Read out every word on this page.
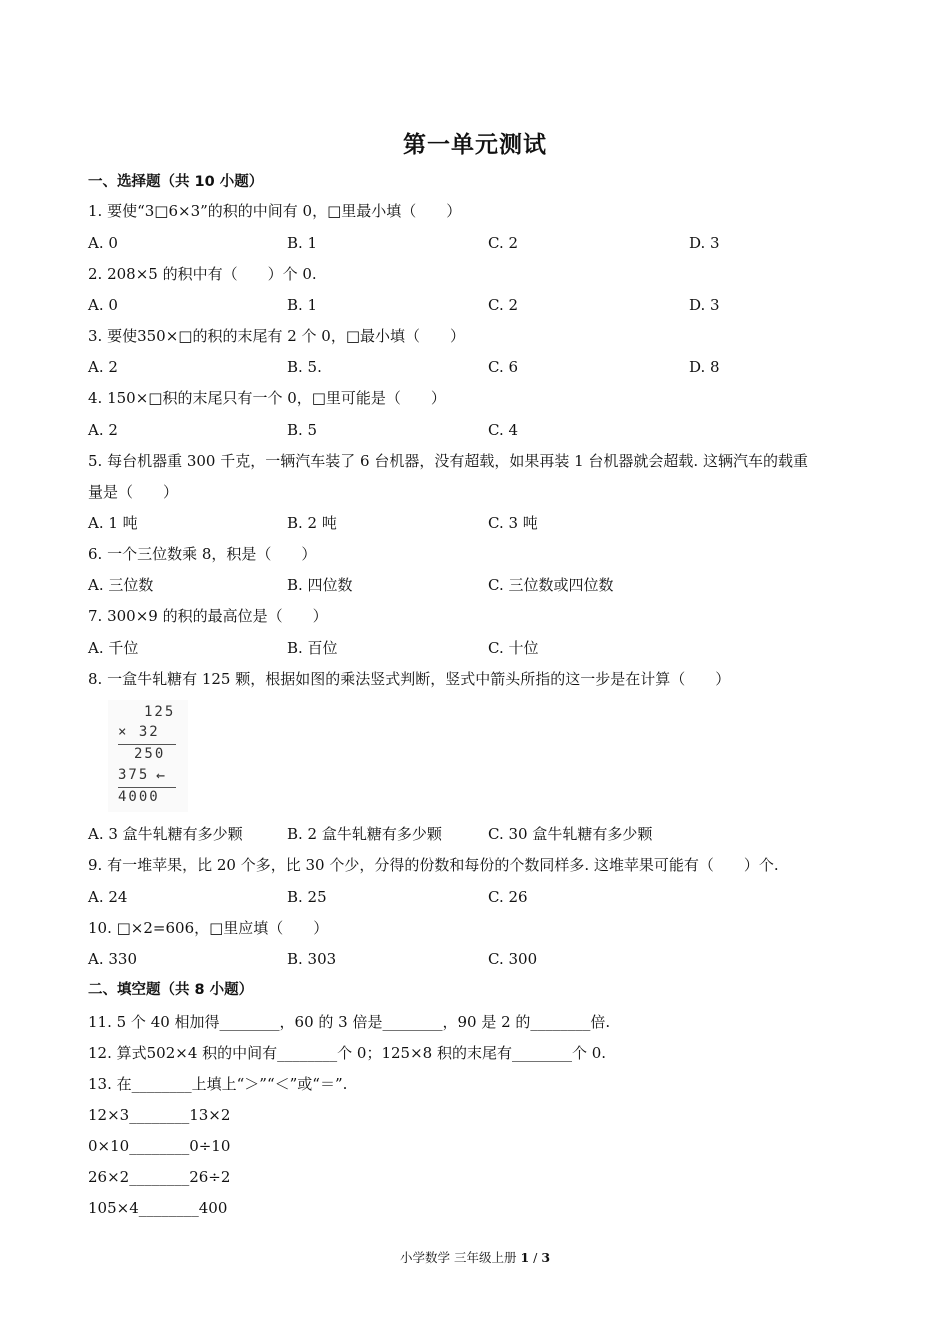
第一单元测试
一、选择题（共 10 小题）
1. 要使“3□6×3”的积的中间有 0，□里最小填（　　）
A. 0	B. 1	C. 2	D. 3
2. 208×5 的积中有（　　）个 0.
A. 0	B. 1	C. 2	D. 3
3. 要使350×□的积的末尾有 2 个 0，□最小填（　　）
A. 2	B. 5.	C. 6	D. 8
4. 150×□积的末尾只有一个 0，□里可能是（　　）
A. 2	B. 5	C. 4
5. 每台机器重 300 千克，一辆汽车装了 6 台机器，没有超载，如果再装 1 台机器就会超载. 这辆汽车的载重
量是（　　）
A. 1 吨	B. 2 吨	C. 3 吨
6. 一个三位数乘 8，积是（　　）
A. 三位数	B. 四位数	C. 三位数或四位数
7. 300×9 的积的最高位是（　　）
A. 千位	B. 百位	C. 十位
8. 一盒牛轧糖有 125 颗，根据如图的乘法竖式判断，竖式中箭头所指的这一步是在计算（　　）
125
× 32
250
375 ←
4000
A. 3 盒牛轧糖有多少颗	B. 2 盒牛轧糖有多少颗	C. 30 盒牛轧糖有多少颗
9. 有一堆苹果，比 20 个多，比 30 个少，分得的份数和每份的个数同样多. 这堆苹果可能有（　　）个.
A. 24	B. 25	C. 26
10. □×2=606，□里应填（　　）
A. 330	B. 303	C. 300
二、填空题（共 8 小题）
11. 5 个 40 相加得________，60 的 3 倍是________，90 是 2 的________倍.
12. 算式502×4 积的中间有________个 0；125×8 积的末尾有________个 0.
13. 在________上填上“＞”“＜”或“＝”.
12×3________13×2
0×10________0÷10
26×2________26÷2
105×4________400
小学数学 三年级上册 1 / 3
